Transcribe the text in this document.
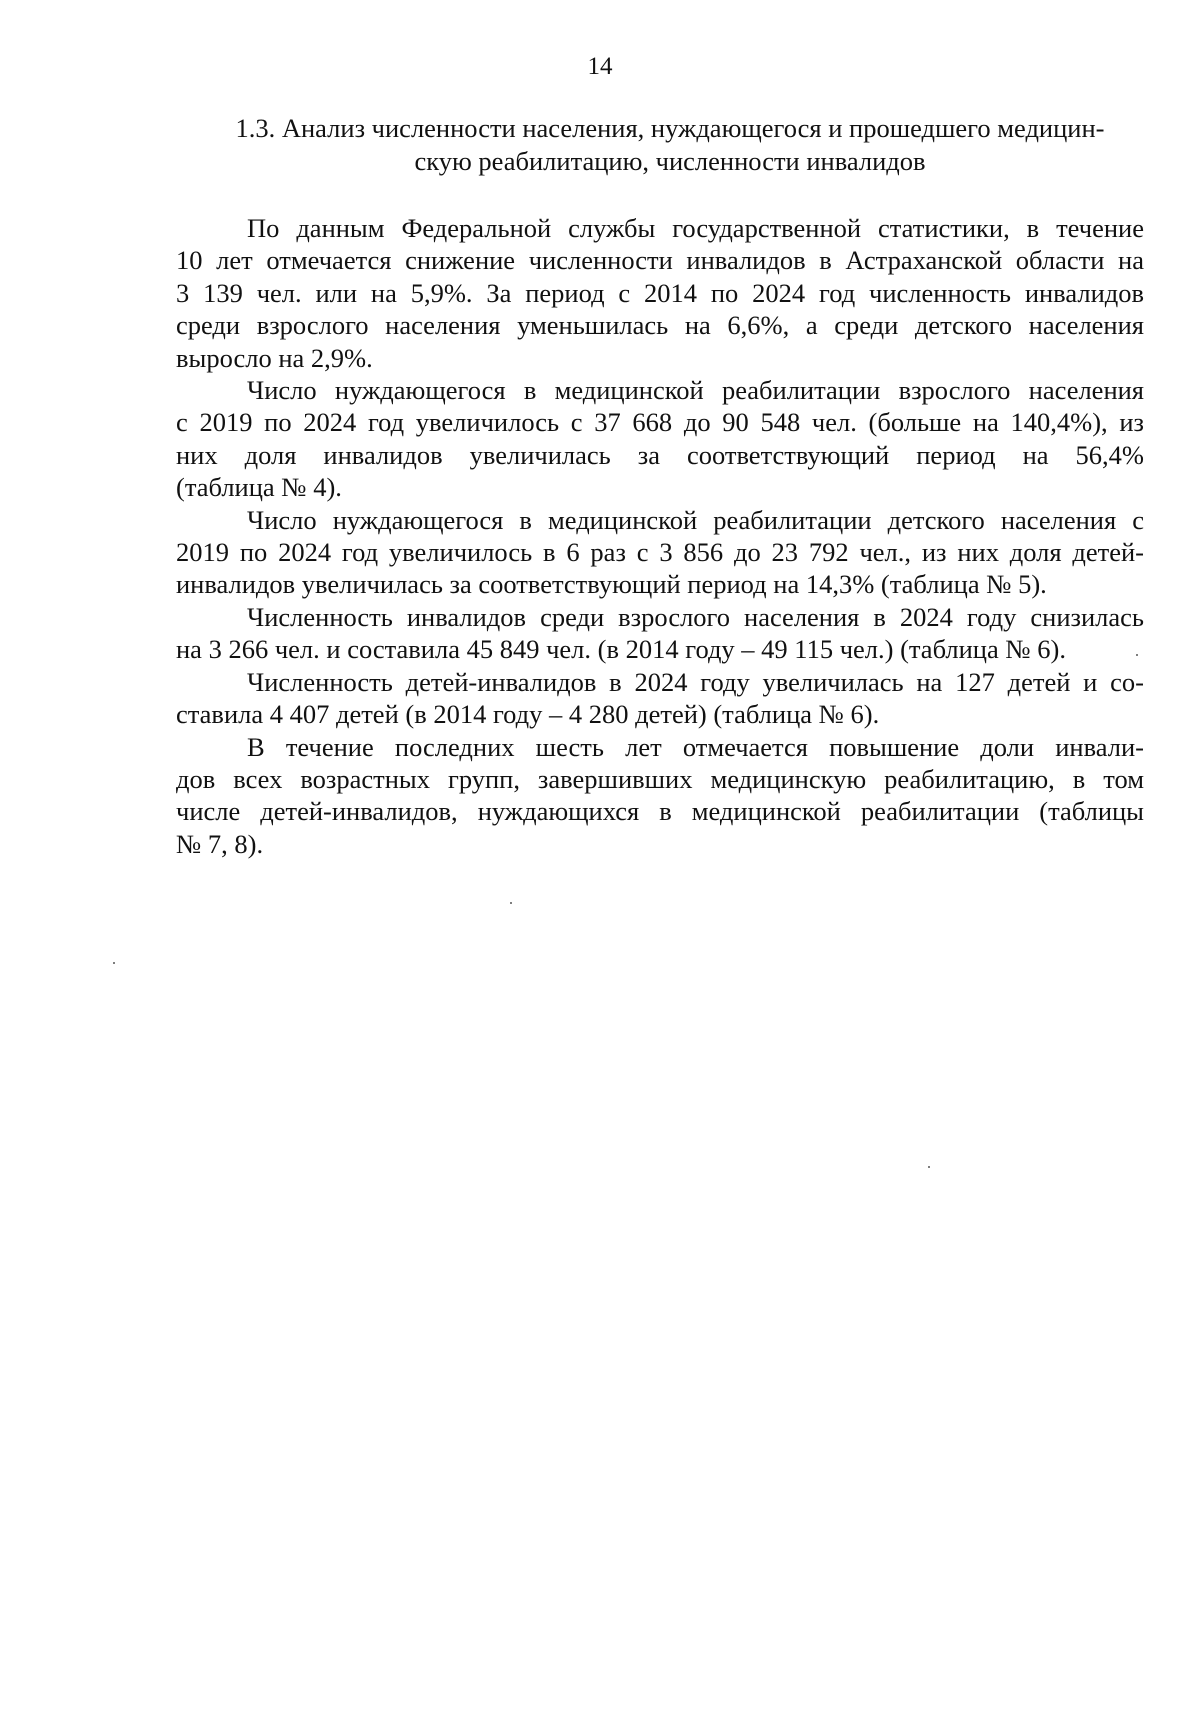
14
1.3. Анализ численности населения, нуждающегося и прошедшего медицин-
скую реабилитацию, численности инвалидов

По данным Федеральной службы государственной статистики, в течение
10 лет отмечается снижение численности инвалидов в Астраханской области на
3 139 чел. или на 5,9%. За период с 2014 по 2024 год численность инвалидов
среди взрослого населения уменьшилась на 6,6%, а среди детского населения
выросло на 2,9%.

Число нуждающегося в медицинской реабилитации взрослого населения
с 2019 по 2024 год увеличилось с 37 668 до 90 548 чел. (больше на 140,4%), из
них доля инвалидов увеличилась за соответствующий период на 56,4%
(таблица № 4).

Число нуждающегося в медицинской реабилитации детского населения с
2019 по 2024 год увеличилось в 6 раз с 3 856 до 23 792 чел., из них доля детей-
инвалидов увеличилась за соответствующий период на 14,3% (таблица № 5).

Численность инвалидов среди взрослого населения в 2024 году снизилась
на 3 266 чел. и составила 45 849 чел. (в 2014 году – 49 115 чел.) (таблица № 6).

Численность детей-инвалидов в 2024 году увеличилась на 127 детей и со-
ставила 4 407 детей (в 2014 году – 4 280 детей) (таблица № 6).

В течение последних шесть лет отмечается повышение доли инвали-
дов всех возрастных групп, завершивших медицинскую реабилитацию, в том
числе детей-инвалидов, нуждающихся в медицинской реабилитации (таблицы
№ 7, 8).
